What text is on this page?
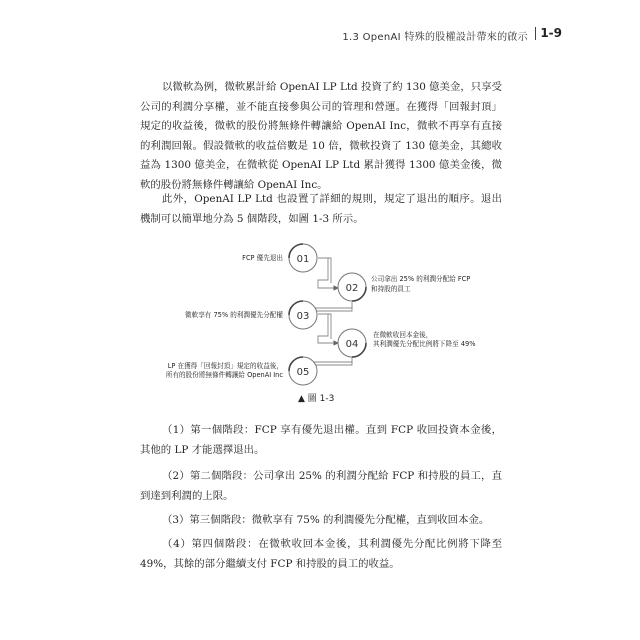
1.3 OpenAI 特殊的股權設計帶來的啟示 1-9
以微軟為例，微軟累計給 OpenAI LP Ltd 投資了約 130 億美金，只享受公司的利潤分享權，並不能直接參與公司的管理和營運。在獲得「回報封頂」規定的收益後，微軟的股份將無條件轉讓給 OpenAI Inc，微軟不再享有直接的利潤回報。假設微軟的收益倍數是 10 倍，微軟投資了 130 億美金，其總收益為 1300 億美金，在微軟從 OpenAI LP Ltd 累計獲得 1300 億美金後，微軟的股份將無條件轉讓給 OpenAI Inc。
此外，OpenAI LP Ltd 也設置了詳細的規則，規定了退出的順序。退出機制可以簡單地分為 5 個階段，如圖 1-3 所示。
01
02
03
04
05
FCP 優先退出
公司拿出 25% 的利潤分配給 FCP
和持股的員工
微軟享有 75% 的利潤優先分配權
在微軟收回本金後，
其利潤優先分配比例將下降至 49%
LP 在獲得「回報封頂」規定的收益後，
所有的股份將無條件轉讓給 OpenAI Inc
▲ 圖 1-3
（1）第一個階段：FCP 享有優先退出權。直到 FCP 收回投資本金後，其他的 LP 才能選擇退出。
（2）第二個階段：公司拿出 25% 的利潤分配給 FCP 和持股的員工，直到達到利潤的上限。
（3）第三個階段：微軟享有 75% 的利潤優先分配權，直到收回本金。
（4）第四個階段：在微軟收回本金後，其利潤優先分配比例將下降至 49%，其餘的部分繼續支付 FCP 和持股的員工的收益。
